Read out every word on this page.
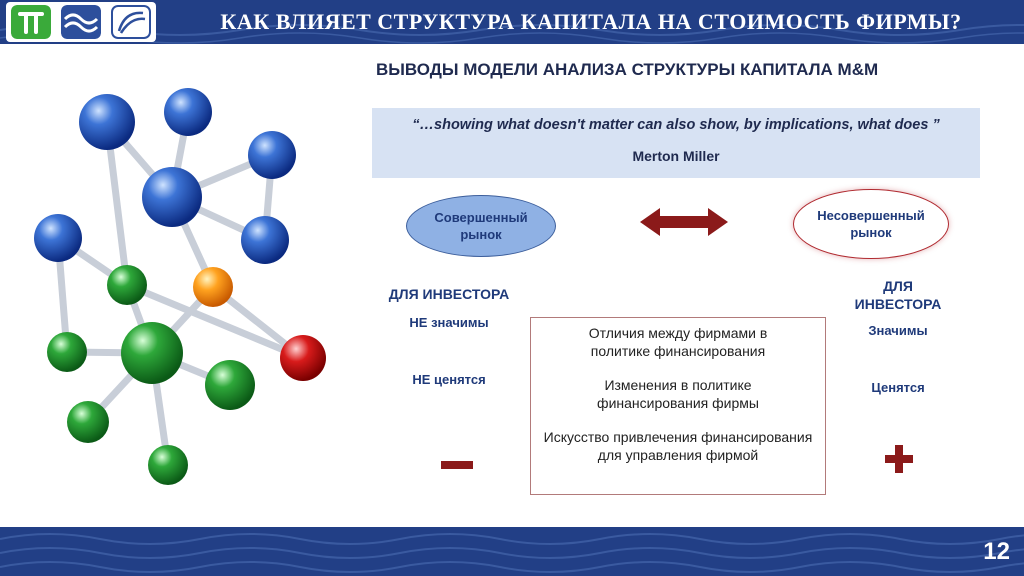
КАК ВЛИЯЕТ СТРУКТУРА КАПИТАЛА НА СТОИМОСТЬ ФИРМЫ?
ВЫВОДЫ МОДЕЛИ АНАЛИЗА СТРУКТУРЫ КАПИТАЛА M&M
“…showing what doesn't matter can also show, by implications, what does ”
Merton Miller
Совершенный рынок
Несовершенный рынок
ДЛЯ ИНВЕСТОРА
НЕ значимы
НЕ ценятся
ДЛЯ ИНВЕСТОРА
Значимы
Ценятся
Отличия между фирмами в политике финансирования
Изменения в политике финансирования фирмы
Искусство привлечения финансирования для управления фирмой
12
